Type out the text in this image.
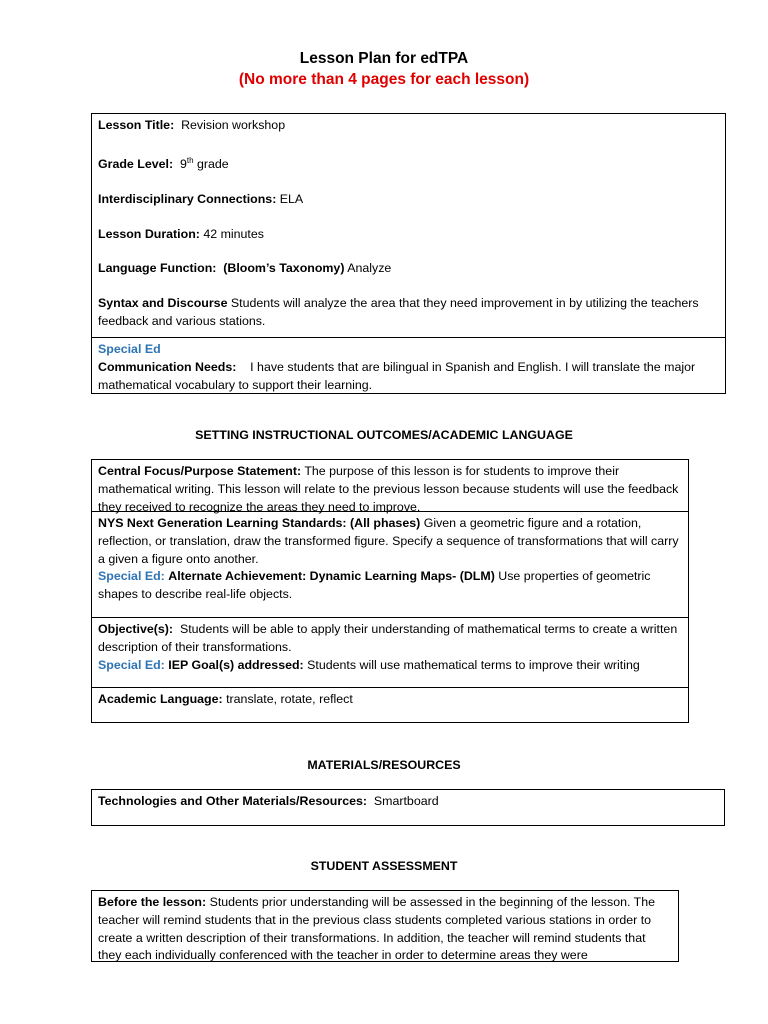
Lesson Plan for edTPA

(No more than 4 pages for each lesson)

Lesson Title: Revision workshop

Grade Level: 9th grade

Interdisciplinary Connections: ELA

Lesson Duration: 42 minutes

Language Function: (Bloom’s Taxonomy) Analyze

Syntax and Discourse Students will analyze the area that they need improvement in by utilizing the teachers feedback and various stations.

Special Ed

Communication Needs: I have students that are bilingual in Spanish and English. I will translate the major mathematical vocabulary to support their learning.

SETTING INSTRUCTIONAL OUTCOMES/ACADEMIC LANGUAGE

Central Focus/Purpose Statement: The purpose of this lesson is for students to improve their mathematical writing. This lesson will relate to the previous lesson because students will use the feedback they received to recognize the areas they need to improve.

NYS Next Generation Learning Standards: (All phases) Given a geometric figure and a rotation, reflection, or translation, draw the transformed figure. Specify a sequence of transformations that will carry a given a figure onto another.

Special Ed: Alternate Achievement: Dynamic Learning Maps- (DLM) Use properties of geometric shapes to describe real-life objects.

Objective(s): Students will be able to apply their understanding of mathematical terms to create a written description of their transformations.

Special Ed: IEP Goal(s) addressed: Students will use mathematical terms to improve their writing

Academic Language: translate, rotate, reflect

MATERIALS/RESOURCES

Technologies and Other Materials/Resources: Smartboard

STUDENT ASSESSMENT

Before the lesson: Students prior understanding will be assessed in the beginning of the lesson. The teacher will remind students that in the previous class students completed various stations in order to create a written description of their transformations. In addition, the teacher will remind students that they each individually conferenced with the teacher in order to determine areas they were
